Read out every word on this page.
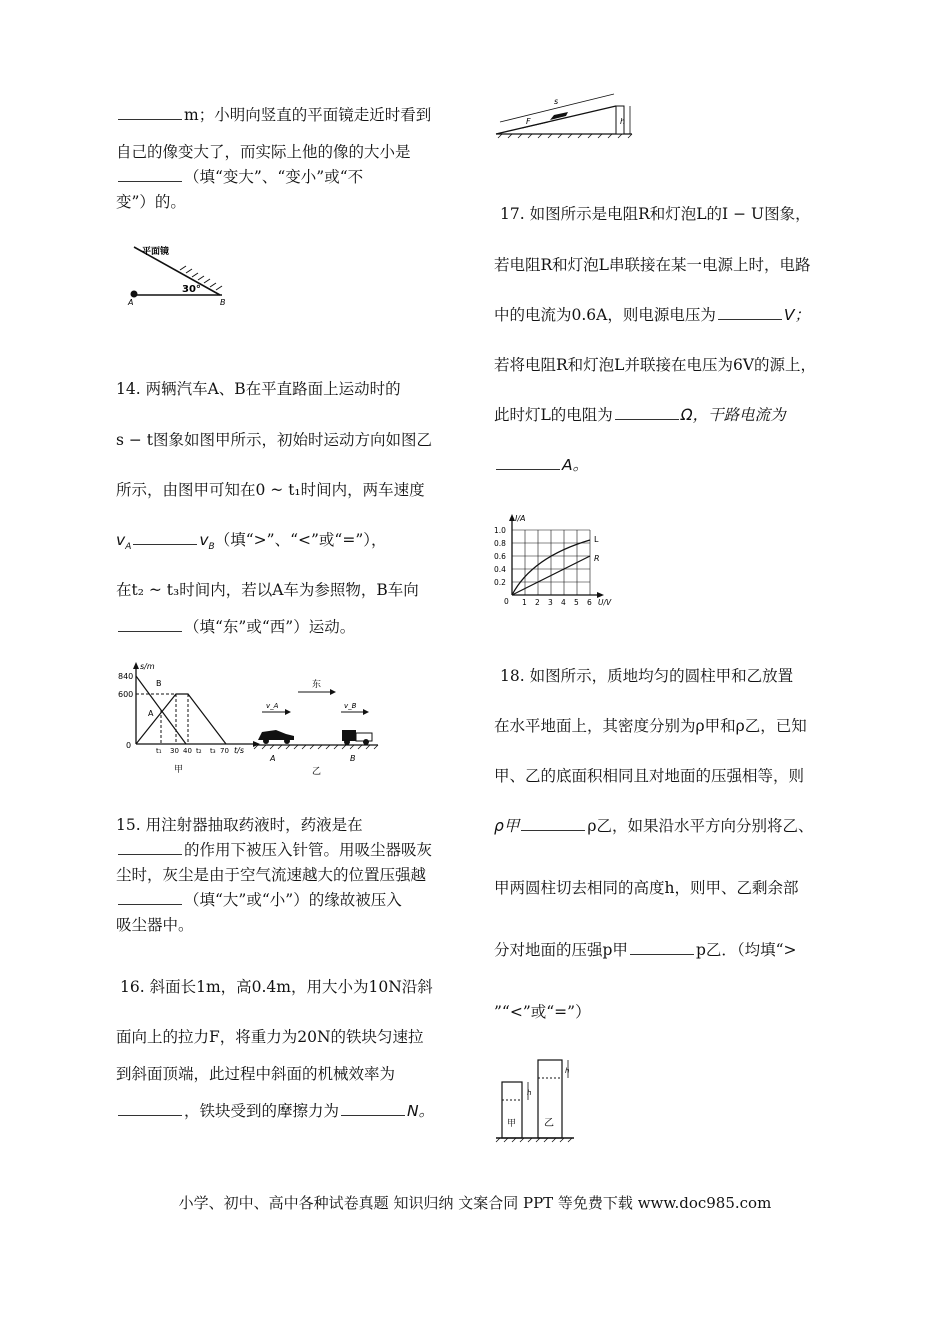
m；小明向竖直的平面镜走近时看到
自己的像变大了，而实际上他的像的大小是
（填“变大”、“变小”或“不
变”）的。
平面镜
30°
A	B
14. 两辆汽车A、B在平直路面上运动时的
s − t图象如图甲所示，初始时运动方向如图乙
所示，由图甲可知在0 ~ t₁时间内，两车速度
$v_A$	$v_B$（填“>”、“<”或“=”），
在t₂ ~ t₃时间内，若以A车为参照物，B车向
（填“东”或“西”）运动。
s/m
t/s
840
600
0
B
A
t₁ 30 40 t₂ t₃ 70
甲
东
v_A	v_B
A	B
乙
15. 用注射器抽取药液时，药液是在
的作用下被压入针管。用吸尘器吸灰
尘时，灰尘是由于空气流速越大的位置压强越
（填“大”或“小”）的缘故被压入
吸尘器中。
16. 斜面长1m，高0.4m，用大小为10N沿斜
面向上的拉力F，将重力为20N的铁块匀速拉
到斜面顶端，此过程中斜面的机械效率为
，铁块受到的摩擦力为	N。
s
F	h
17. 如图所示是电阻R和灯泡L的I − U图象，
若电阻R和灯泡L串联接在某一电源上时，电路
中的电流为0.6A，则电源电压为	V；
若将电阻R和灯泡L并联接在电压为6V的源上，
此时灯L的电阻为	Ω，干路电流为
A。
L
R
I/A
1.0
0.8
0.6
0.4
0.2
0 1 2 3 4 5 6 U/V
18. 如图所示，质地均匀的圆柱甲和乙放置
在水平地面上，其密度分别为ρ甲和ρ乙，已知
甲、乙的底面积相同且对地面的压强相等，则
ρ甲	ρ乙，如果沿水平方向分别将乙、
甲两圆柱切去相同的高度h，则甲、乙剩余部
分对地面的压强p甲	p乙．（均填“>
”“<”或“=”）
h
h
甲	乙
小学、初中、高中各种试卷真题 知识归纳 文案合同 PPT 等免费下载 www.doc985.com
